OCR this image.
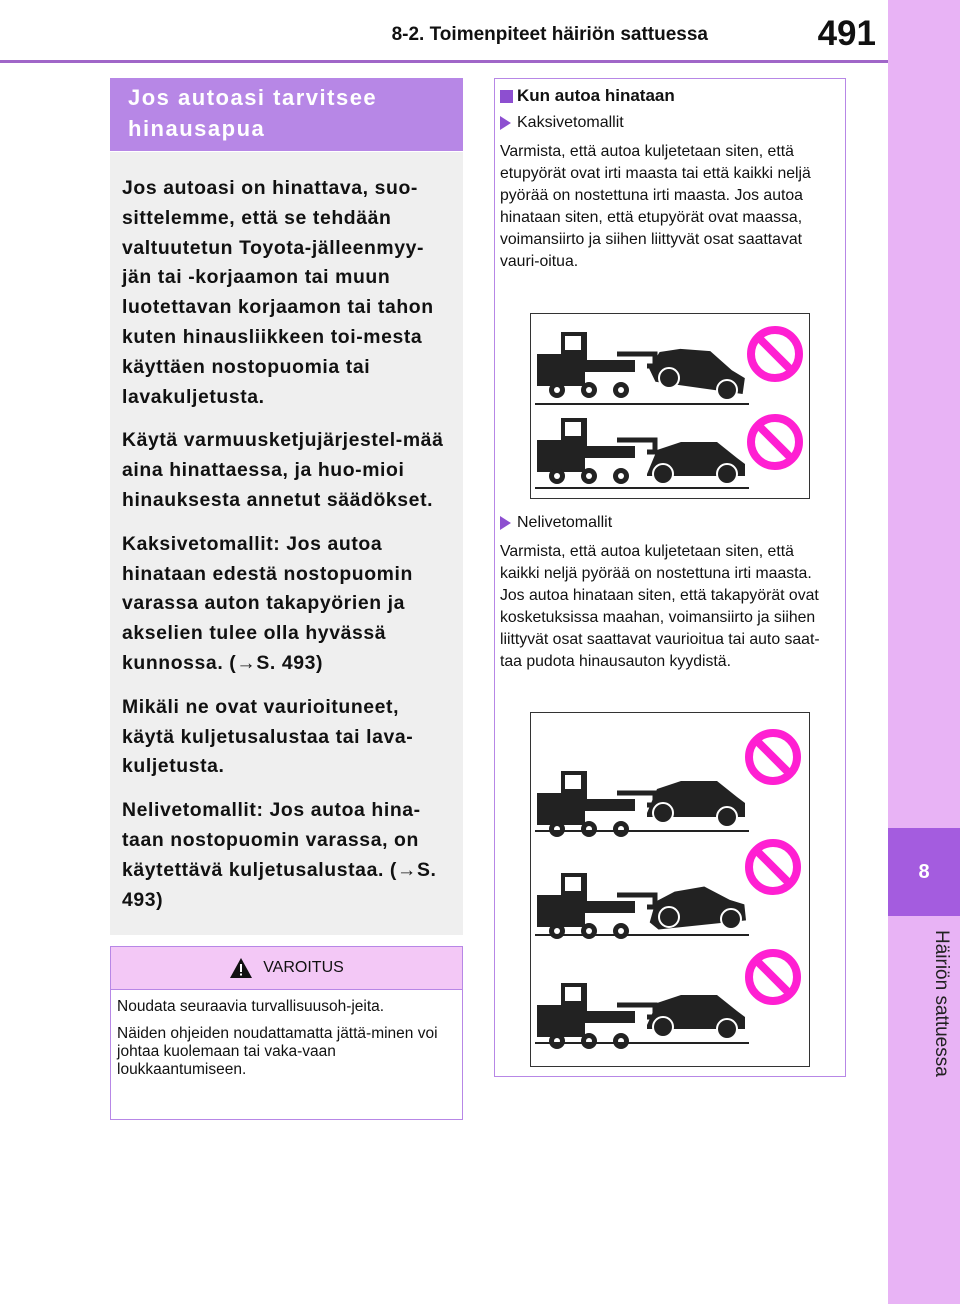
8-2. Toimenpiteet häiriön sattuessa	491
8
Häiriön sattuessa
Jos autoasi tarvitsee hinausapua

Jos autoasi on hinattava, suo-sittelemme, että se tehdään valtuutetun Toyota-jälleenmyy-jän tai -korjaamon tai muun luotettavan korjaamon tai tahon kuten hinausliikkeen toi-mesta käyttäen nostopuomia tai lavakuljetusta.

Käytä varmuusketjujärjestel-mää aina hinattaessa, ja huo-mioi hinauksesta annetut säädökset.

Kaksivetomallit: Jos autoa hinataan edestä nostopuomin varassa auton takapyörien ja akselien tulee olla hyvässä kunnossa. (→S. 493)

Mikäli ne ovat vaurioituneet, käytä kuljetusalustaa tai lava-kuljetusta.

Nelivetomallit: Jos autoa hina-taan nostopuomin varassa, on käytettävä kuljetusalustaa. (→S. 493)

VAROITUS

Noudata seuraavia turvallisuusoh-jeita.

Näiden ohjeiden noudattamatta jättä-minen voi johtaa kuolemaan tai vaka-vaan loukkaantumiseen.

Kun autoa hinataan
Kaksivetomallit

Varmista, että autoa kuljetetaan siten, että etupyörät ovat irti maasta tai että kaikki neljä pyörää on nostettuna irti maasta. Jos autoa hinataan siten, että etupyörät ovat maassa, voimansiirto ja siihen liittyvät osat saattavat vauri-oitua.

Nelivetomallit

Varmista, että autoa kuljetetaan siten, että kaikki neljä pyörää on nostettuna irti maasta. Jos autoa hinataan siten, että takapyörät ovat kosketuksissa maahan, voimansiirto ja siihen liittyvät osat saattavat vaurioitua tai auto saat-taa pudota hinausauton kyydistä.
